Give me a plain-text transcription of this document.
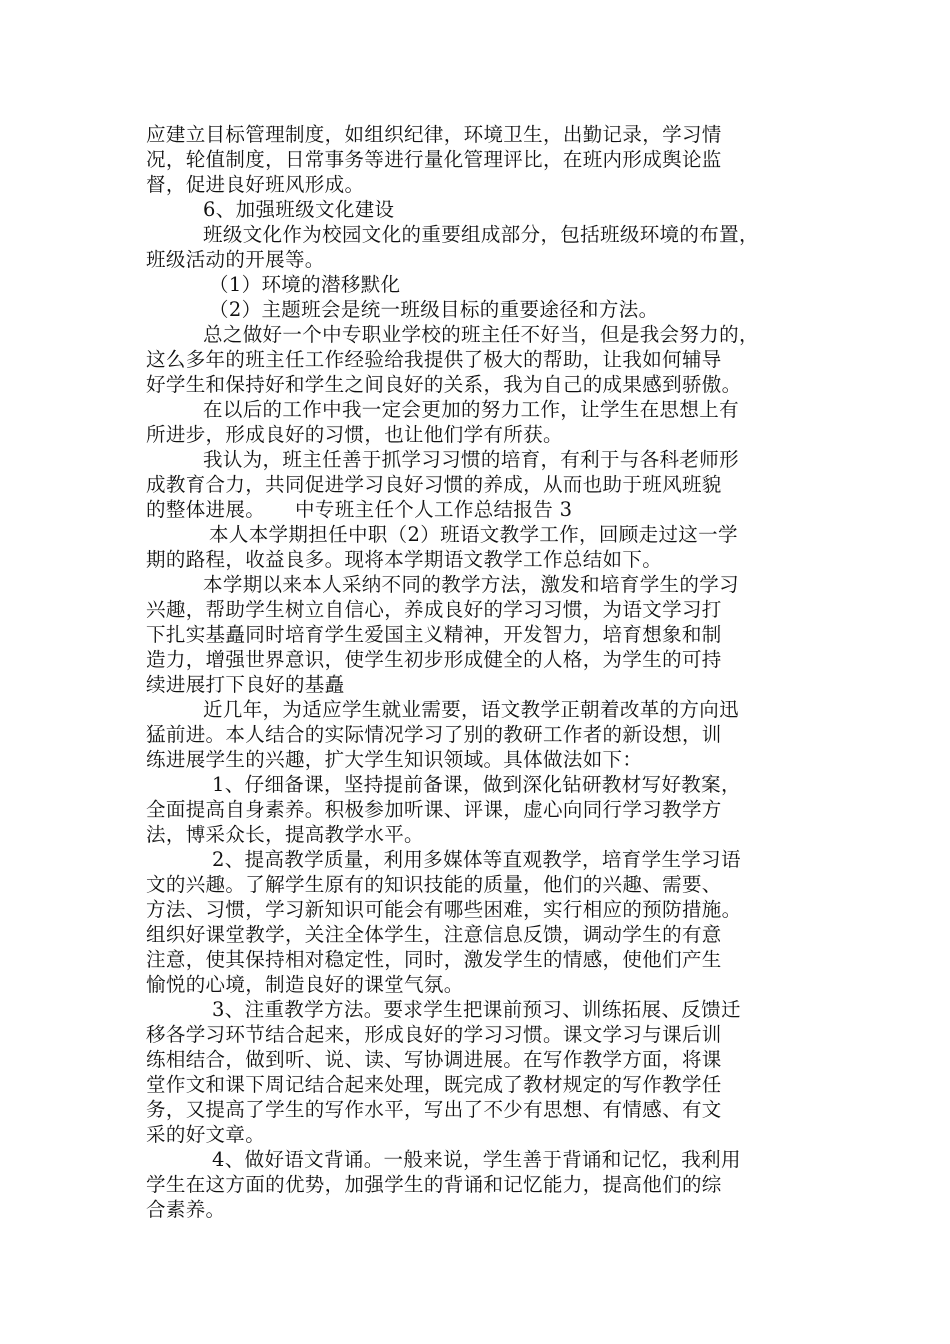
应建立目标管理制度，如组织纪律，环境卫生，出勤记录，学习情
况，轮值制度，日常事务等进行量化管理评比，在班内形成舆论监
督，促进良好班风形成。
6、加强班级文化建设
班级文化作为校园文化的重要组成部分，包括班级环境的布置，
班级活动的开展等。
（1）环境的潜移默化
（2）主题班会是统一班级目标的重要途径和方法。
总之做好一个中专职业学校的班主任不好当，但是我会努力的，
这么多年的班主任工作经验给我提供了极大的帮助，让我如何辅导
好学生和保持好和学生之间良好的关系，我为自己的成果感到骄傲。
在以后的工作中我一定会更加的努力工作，让学生在思想上有
所进步，形成良好的习惯，也让他们学有所获。
我认为，班主任善于抓学习习惯的培育，有利于与各科老师形
成教育合力，共同促进学习良好习惯的养成，从而也助于班风班貌
的整体进展。　　中专班主任个人工作总结报告 3
本人本学期担任中职（2）班语文教学工作，回顾走过这一学
期的路程，收益良多。现将本学期语文教学工作总结如下。
本学期以来本人采纳不同的教学方法，激发和培育学生的学习
兴趣，帮助学生树立自信心，养成良好的学习习惯，为语文学习打
下扎实基矗同时培育学生爱国主义精神，开发智力，培育想象和制
造力，增强世界意识，使学生初步形成健全的人格，为学生的可持
续进展打下良好的基矗
近几年，为适应学生就业需要，语文教学正朝着改革的方向迅
猛前进。本人结合的实际情况学习了别的教研工作者的新设想，训
练进展学生的兴趣，扩大学生知识领域。具体做法如下：
1、仔细备课，坚持提前备课，做到深化钻研教材写好教案，
全面提高自身素养。积极参加听课、评课，虚心向同行学习教学方
法，博采众长，提高教学水平。
2、提高教学质量，利用多媒体等直观教学，培育学生学习语
文的兴趣。了解学生原有的知识技能的质量，他们的兴趣、需要、
方法、习惯，学习新知识可能会有哪些困难，实行相应的预防措施。
组织好课堂教学，关注全体学生，注意信息反馈，调动学生的有意
注意，使其保持相对稳定性，同时，激发学生的情感，使他们产生
愉悦的心境，制造良好的课堂气氛。
3、注重教学方法。要求学生把课前预习、训练拓展、反馈迁
移各学习环节结合起来，形成良好的学习习惯。课文学习与课后训
练相结合，做到听、说、读、写协调进展。在写作教学方面，将课
堂作文和课下周记结合起来处理，既完成了教材规定的写作教学任
务，又提高了学生的写作水平，写出了不少有思想、有情感、有文
采的好文章。
4、做好语文背诵。一般来说，学生善于背诵和记忆，我利用
学生在这方面的优势，加强学生的背诵和记忆能力，提高他们的综
合素养。
